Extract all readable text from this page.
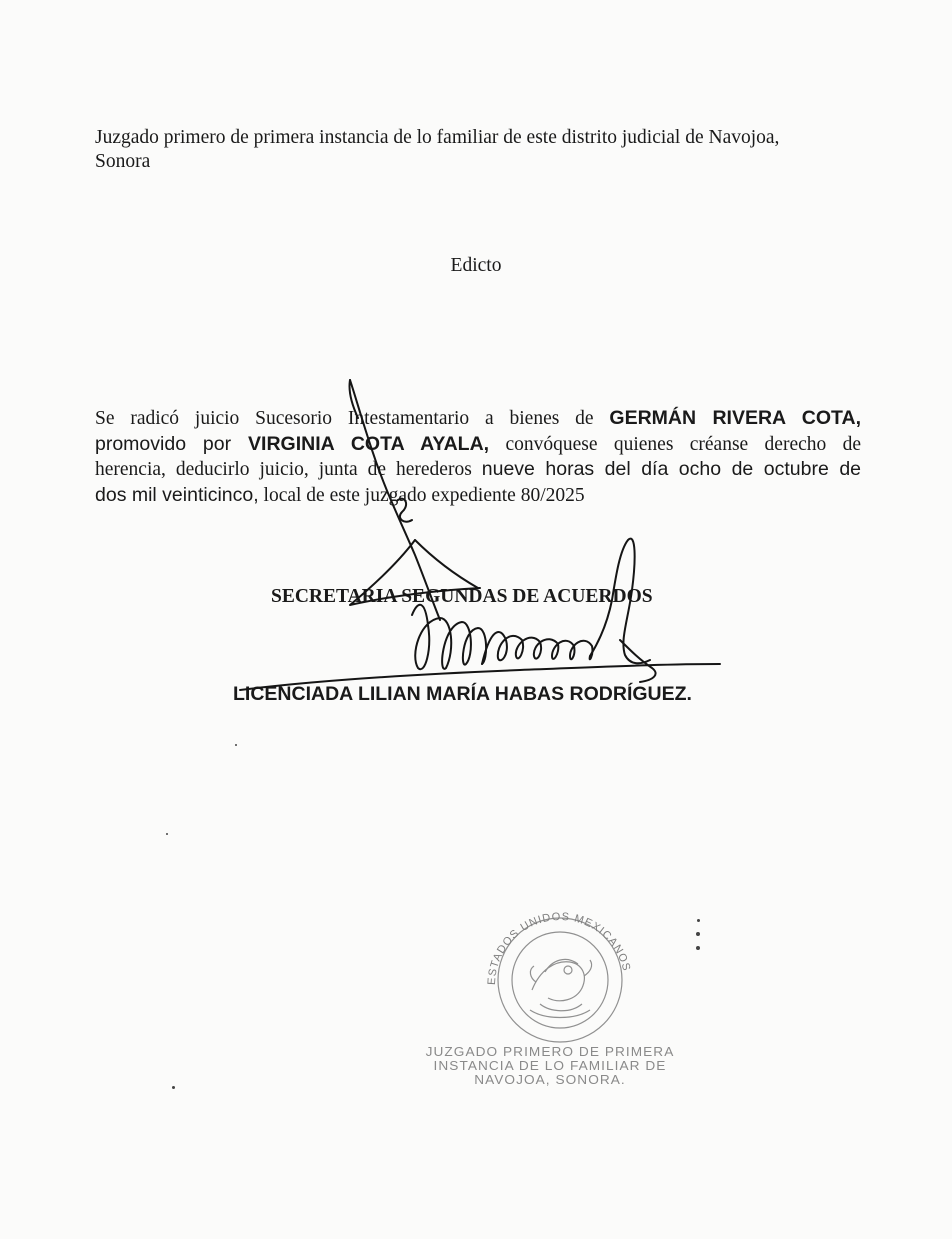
Juzgado primero de primera instancia de lo familiar de este distrito judicial de Navojoa,
Sonora
Edicto
Se radicó juicio Sucesorio Intestamentario a bienes de GERMÁN RIVERA COTA,
promovido por VIRGINIA COTA AYALA, convóquese quienes créanse derecho de
herencia, deducirlo juicio, junta de herederos nueve horas del día ocho de octubre de
dos mil veinticinco, local de este juzgado expediente 80/2025
SECRETARIA SEGUNDAS DE ACUERDOS
LICENCIADA LILIAN MARÍA HABAS RODRÍGUEZ.
ESTADOS UNIDOS MEXICANOS
JUZGADO PRIMERO DE PRIMERA
INSTANCIA DE LO FAMILIAR DE
NAVOJOA, SONORA.
